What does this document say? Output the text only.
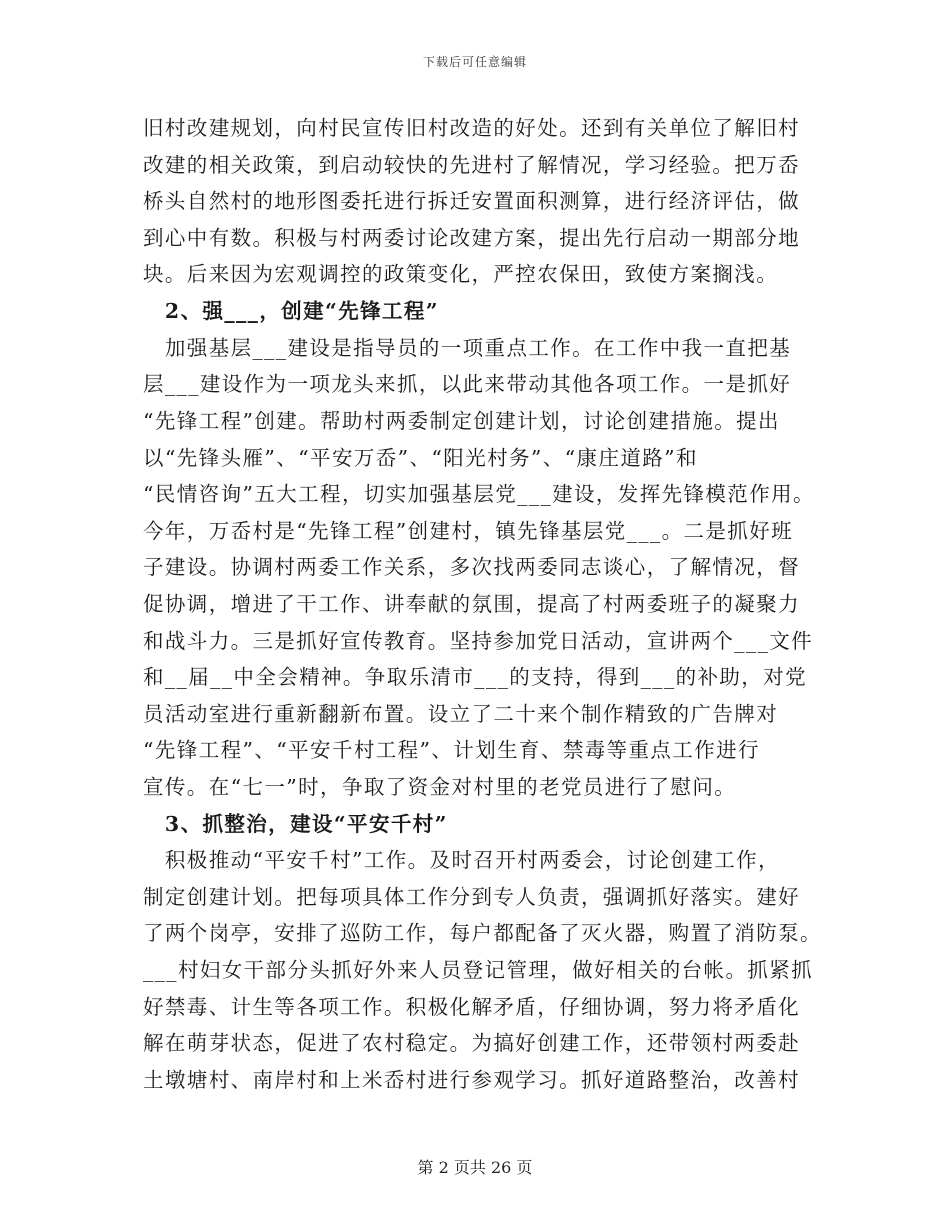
下载后可任意编辑
旧村改建规划，向村民宣传旧村改造的好处。还到有关单位了解旧村
改建的相关政策，到启动较快的先进村了解情况，学习经验。把万岙
桥头自然村的地形图委托进行拆迁安置面积测算，进行经济评估，做
到心中有数。积极与村两委讨论改建方案，提出先行启动一期部分地
块。后来因为宏观调控的政策变化，严控农保田，致使方案搁浅。
　2、强___，创建“先锋工程”
　加强基层___建设是指导员的一项重点工作。在工作中我一直把基
层___建设作为一项龙头来抓，以此来带动其他各项工作。一是抓好
“先锋工程”创建。帮助村两委制定创建计划，讨论创建措施。提出
以“先锋头雁”、“平安万岙”、“阳光村务”、“康庄道路”和
“民情咨询”五大工程，切实加强基层党___建设，发挥先锋模范作用。
今年，万岙村是“先锋工程”创建村，镇先锋基层党___。二是抓好班
子建设。协调村两委工作关系，多次找两委同志谈心，了解情况，督
促协调，增进了干工作、讲奉献的氛围，提高了村两委班子的凝聚力
和战斗力。三是抓好宣传教育。坚持参加党日活动，宣讲两个___文件
和__届__中全会精神。争取乐清市___的支持，得到___的补助，对党
员活动室进行重新翻新布置。设立了二十来个制作精致的广告牌对
“先锋工程”、“平安千村工程”、计划生育、禁毒等重点工作进行
宣传。在“七一”时，争取了资金对村里的老党员进行了慰问。
　3、抓整治，建设“平安千村”
　积极推动“平安千村”工作。及时召开村两委会，讨论创建工作，
制定创建计划。把每项具体工作分到专人负责，强调抓好落实。建好
了两个岗亭，安排了巡防工作，每户都配备了灭火器，购置了消防泵。
___村妇女干部分头抓好外来人员登记管理，做好相关的台帐。抓紧抓
好禁毒、计生等各项工作。积极化解矛盾，仔细协调，努力将矛盾化
解在萌芽状态，促进了农村稳定。为搞好创建工作，还带领村两委赴
土墩塘村、南岸村和上米岙村进行参观学习。抓好道路整治，改善村
第 2 页共 26 页
